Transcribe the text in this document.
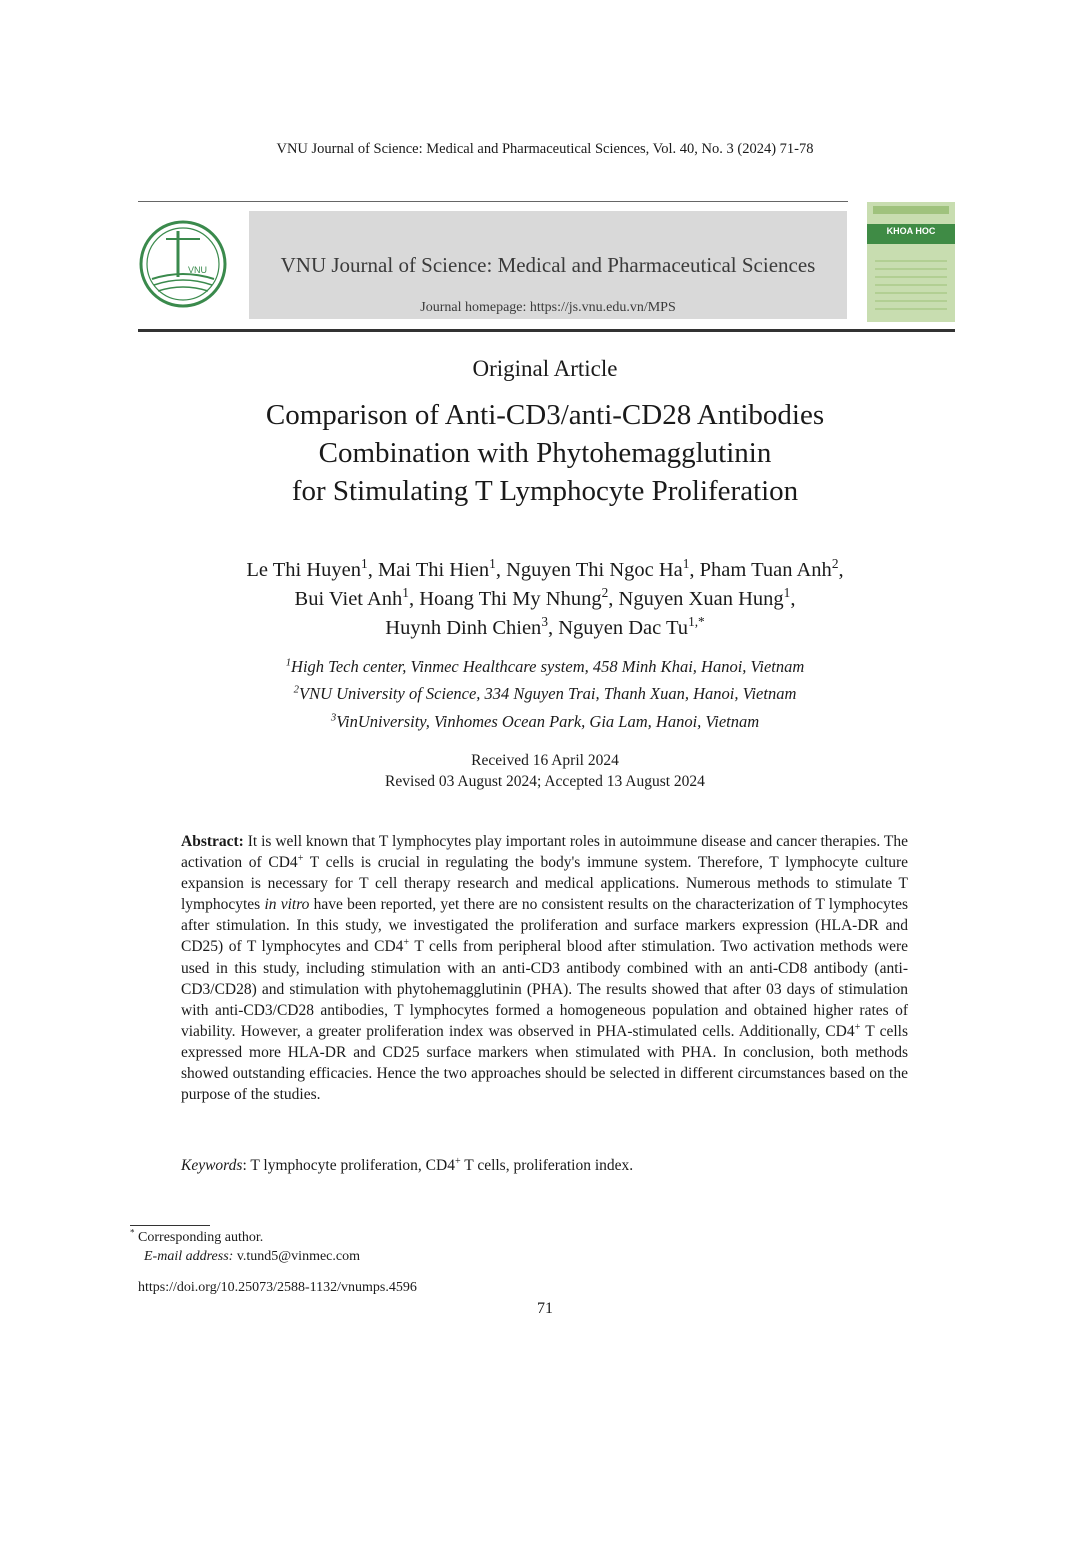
VNU Journal of Science: Medical and Pharmaceutical Sciences, Vol. 40, No. 3 (2024) 71-78
VNU	VNU Journal of Science: Medical and Pharmaceutical Sciences
Journal homepage: https://js.vnu.edu.vn/MPS
KHOA HOC
Original Article
Comparison of Anti-CD3/anti-CD28 Antibodies
Combination with Phytohemagglutinin
for Stimulating T Lymphocyte Proliferation
Le Thi Huyen$^1$, Mai Thi Hien$^1$, Nguyen Thi Ngoc Ha$^1$, Pham Tuan Anh$^2$,
Bui Viet Anh$^1$, Hoang Thi My Nhung$^2$, Nguyen Xuan Hung$^1$,
Huynh Dinh Chien$^3$, Nguyen Dac $Tu^{1,*}$
$^1$High Tech center, Vinmec Healthcare system, 458 Minh Khai, Hanoi, Vietnam
$^2$VNU University of Science, 334 Nguyen Trai, Thanh Xuan, Hanoi, Vietnam
$^3$VinUniversity, Vinhomes Ocean Park, Gia Lam, Hanoi, Vietnam
Received 16 April 2024
Revised 03 August 2024; Accepted 13 August 2024
Abstract: It is well known that T lymphocytes play important roles in autoimmune disease and cancer therapies. The activation of CD4+ T cells is crucial in regulating the body's immune system. Therefore, T lymphocyte culture expansion is necessary for T cell therapy research and medical applications. Numerous methods to stimulate T lymphocytes in vitro have been reported, yet there are no consistent results on the characterization of T lymphocytes after stimulation. In this study, we investigated the proliferation and surface markers expression (HLA-DR and CD25) of T lymphocytes and CD4+ T cells from peripheral blood after stimulation. Two activation methods were used in this study, including stimulation with an anti-CD3 antibody combined with an anti-CD8 antibody (anti-CD3/CD28) and stimulation with phytohemagglutinin (PHA). The results showed that after 03 days of stimulation with anti-CD3/CD28 antibodies, T lymphocytes formed a homogeneous population and obtained higher rates of viability. However, a greater proliferation index was observed in PHA-stimulated cells. Additionally, CD4+ T cells expressed more HLA-DR and CD25 surface markers when stimulated with PHA. In conclusion, both methods showed outstanding efficacies. Hence the two approaches should be selected in different circumstances based on the purpose of the studies.
Keywords: T lymphocyte proliferation, CD4+ T cells, proliferation index.
* Corresponding author.
E-mail address: v.tund5@vinmec.com
https://doi.org/10.25073/2588-1132/vnumps.4596
71
